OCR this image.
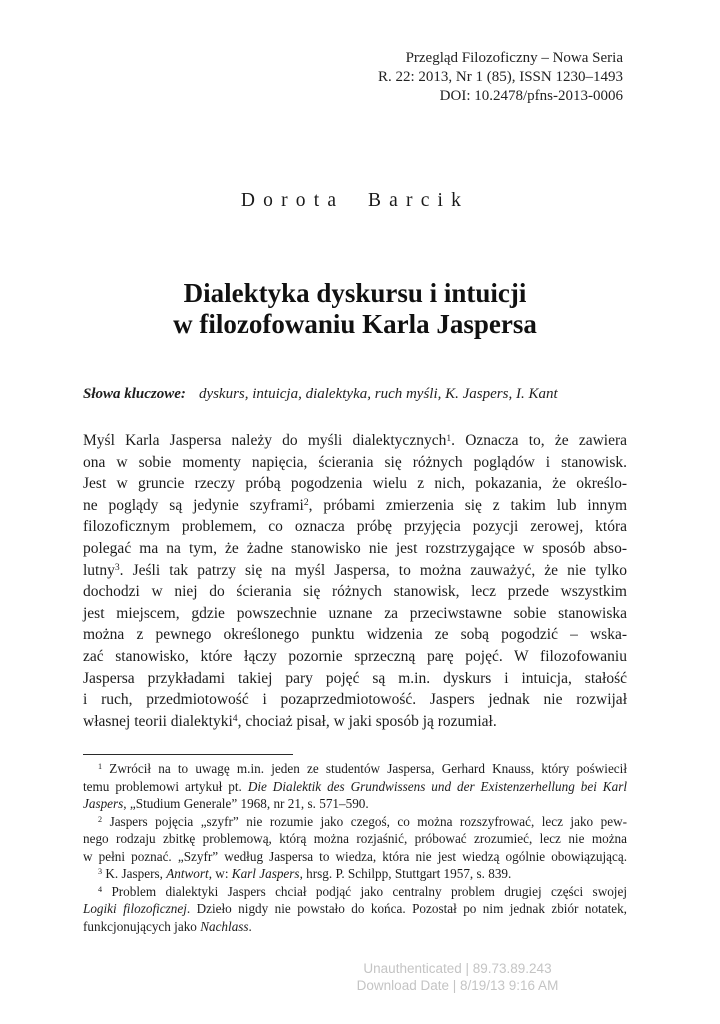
Przegląd Filozoficzny – Nowa Seria
R. 22: 2013, Nr 1 (85), ISSN 1230–1493
DOI: 10.2478/pfns-2013-0006
Dorota Barcik
Dialektyka dyskursu i intuicji
w filozofowaniu Karla Jaspersa
Słowa kluczowe: dyskurs, intuicja, dialektyka, ruch myśli, K. Jaspers, I. Kant
Myśl Karla Jaspersa należy do myśli dialektycznych$^1$. Oznacza to, że zawiera
ona w sobie momenty napięcia, ścierania się różnych poglądów i stanowisk.
Jest w gruncie rzeczy próbą pogodzenia wielu z nich, pokazania, że określo-
ne poglądy są jedynie szyframi$^2$, próbami zmierzenia się z takim lub innym
filozoficznym problemem, co oznacza próbę przyjęcia pozycji zerowej, która
polegać ma na tym, że żadne stanowisko nie jest rozstrzygające w sposób abso-
lutny$^3$. Jeśli tak patrzy się na myśl Jaspersa, to można zauważyć, że nie tylko
dochodzi w niej do ścierania się różnych stanowisk, lecz przede wszystkim
jest miejscem, gdzie powszechnie uznane za przeciwstawne sobie stanowiska
można z pewnego określonego punktu widzenia ze sobą pogodzić – wska-
zać stanowisko, które łączy pozornie sprzeczną parę pojęć. W filozofowaniu
Jaspersa przykładami takiej pary pojęć są m.in. dyskurs i intuicja, stałość
i ruch, przedmiotowość i pozaprzedmiotowość. Jaspers jednak nie rozwijał
własnej teorii dialektyki$^4$, chociaż pisał, w jaki sposób ją rozumiał.
$^1$ Zwrócił na to uwagę m.in. jeden ze studentów Jaspersa, Gerhard Knauss, który poświecił
temu problemowi artykuł pt. Die Dialektik des Grundwissens und der Existenzerhellung bei Karl
Jaspers, „Studium Generale” 1968, nr 21, s. 571–590.
$^2$ Jaspers pojęcia „szyfr” nie rozumie jako czegoś, co można rozszyfrować, lecz jako pew-
nego rodzaju zbitkę problemową, którą można rozjaśnić, próbować zrozumieć, lecz nie można
w pełni poznać. „Szyfr” według Jaspersa to wiedza, która nie jest wiedzą ogólnie obowiązującą.
$^3$ K. Jaspers, Antwort, w: Karl Jaspers, hrsg. P. Schilpp, Stuttgart 1957, s. 839.
$^4$ Problem dialektyki Jaspers chciał podjąć jako centralny problem drugiej części swojej
Logiki filozoficznej. Dzieło nigdy nie powstało do końca. Pozostał po nim jednak zbiór notatek,
funkcjonujących jako Nachlass.
Unauthenticated | 89.73.89.243
Download Date | 8/19/13 9:16 AM
